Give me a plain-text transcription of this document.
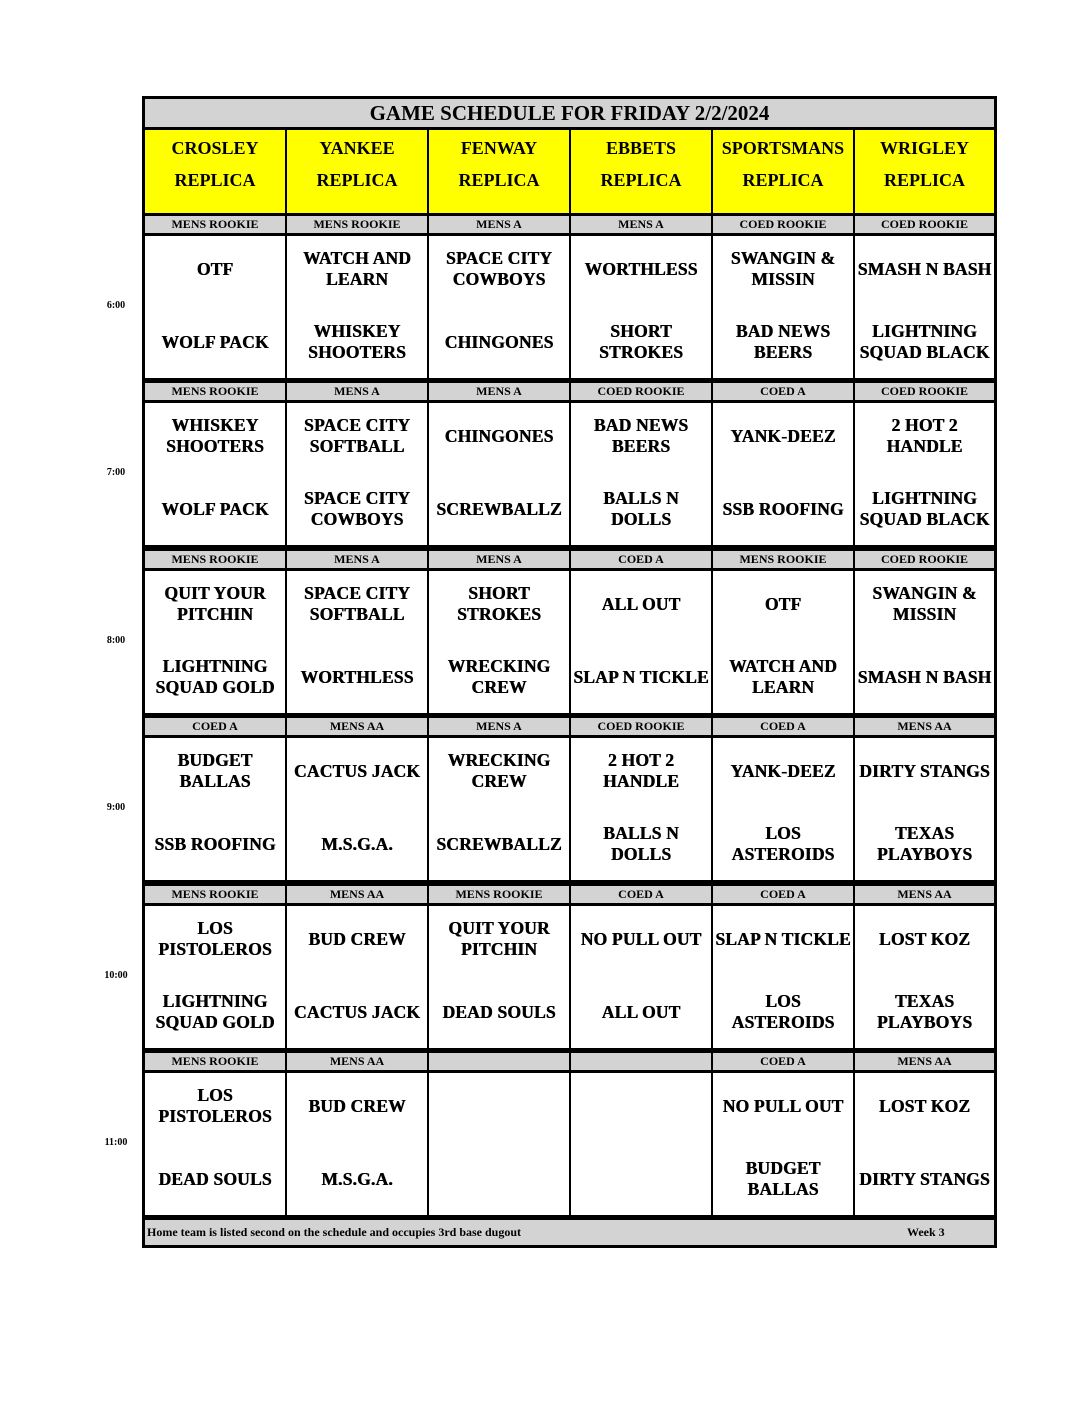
GAME SCHEDULE FOR FRIDAY 2/2/2024
CROSLEY
REPLICA
YANKEE
REPLICA
FENWAY
REPLICA
EBBETS
REPLICA
SPORTSMANS
REPLICA
WRIGLEY
REPLICA
MENS ROOKIE
OTF
WOLF PACK
MENS ROOKIE
WATCH AND LEARN
WHISKEY SHOOTERS
MENS A
SPACE CITY COWBOYS
CHINGONES
MENS A
WORTHLESS
SHORT STROKES
COED ROOKIE
SWANGIN & MISSIN
BAD NEWS BEERS
COED ROOKIE
SMASH N BASH
LIGHTNING SQUAD BLACK
MENS ROOKIE
WHISKEY SHOOTERS
WOLF PACK
MENS A
SPACE CITY SOFTBALL
SPACE CITY COWBOYS
MENS A
CHINGONES
SCREWBALLZ
COED ROOKIE
BAD NEWS BEERS
BALLS N DOLLS
COED A
YANK-DEEZ
SSB ROOFING
COED ROOKIE
2 HOT 2 HANDLE
LIGHTNING SQUAD BLACK
MENS ROOKIE
QUIT YOUR PITCHIN
LIGHTNING SQUAD GOLD
MENS A
SPACE CITY SOFTBALL
WORTHLESS
MENS A
SHORT STROKES
WRECKING CREW
COED A
ALL OUT
SLAP N TICKLE
MENS ROOKIE
OTF
WATCH AND LEARN
COED ROOKIE
SWANGIN & MISSIN
SMASH N BASH
COED A
BUDGET BALLAS
SSB ROOFING
MENS AA
CACTUS JACK
M.S.G.A.
MENS A
WRECKING CREW
SCREWBALLZ
COED ROOKIE
2 HOT 2 HANDLE
BALLS N DOLLS
COED A
YANK-DEEZ
LOS ASTEROIDS
MENS AA
DIRTY STANGS
TEXAS PLAYBOYS
MENS ROOKIE
LOS PISTOLEROS
LIGHTNING SQUAD GOLD
MENS AA
BUD CREW
CACTUS JACK
MENS ROOKIE
QUIT YOUR PITCHIN
DEAD SOULS
COED A
NO PULL OUT
ALL OUT
COED A
SLAP N TICKLE
LOS ASTEROIDS
MENS AA
LOST KOZ
TEXAS PLAYBOYS
MENS ROOKIE
LOS PISTOLEROS
DEAD SOULS
MENS AA
BUD CREW
M.S.G.A.
COED A
NO PULL OUT
BUDGET BALLAS
MENS AA
LOST KOZ
DIRTY STANGS
Home team is listed second on the schedule and occupies 3rd base dugout	Week 3
6:00
7:00
8:00
9:00
10:00
11:00
